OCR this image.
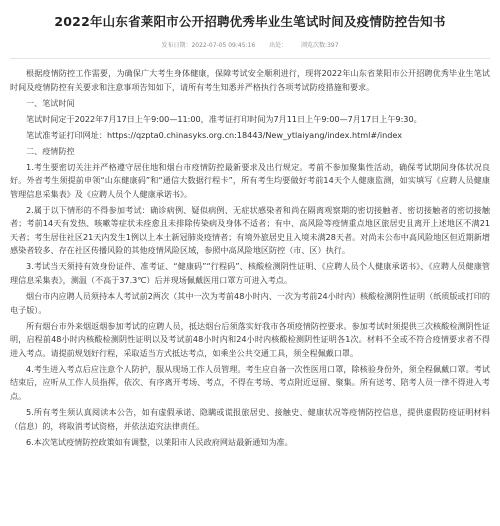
2022年山东省莱阳市公开招聘优秀毕业生笔试时间及疫情防控告知书
发布日期：2022-07-05 09:45:16 出处： 浏览次数:397

根据疫情防控工作需要，为确保广大考生身体健康，保障考试安全顺利进行，现将2022年山东省莱阳市公开招聘优秀毕业生笔试时间及疫情防控有关要求和注意事项告知如下，请所有考生知悉并严格执行各项考试防疫措施和要求。

一、笔试时间

笔试时间定于2022年7月17日上午9:00—11:00，准考证打印时间为7月11日上午9:00—7月17日上午9:30。

笔试准考证打印网址：https://qzpta0.chinasyks.org.cn:18443/New_ytlaiyang/index.html#/index

二、疫情防控

1.考生要密切关注并严格遵守居住地和烟台市疫情防控最新要求及出行规定。考前不参加聚集性活动，确保考试期间身体状况良好。外省考生须提前申领“山东健康码”和“通信大数据行程卡”，所有考生均要做好考前14天个人健康监测，如实填写《应聘人员健康管理信息采集表》及《应聘人员个人健康承诺书》。

2.属于以下情形的不得参加考试：确诊病例、疑似病例、无症状感染者和尚在隔离观察期的密切接触者、密切接触者的密切接触者；考前14天有发热、咳嗽等症状未痊愈且未排除传染病及身体不适者；有中、高风险等疫情重点地区旅居史且离开上述地区不满21天者；考生居住社区21天内发生1例以上本土新冠肺炎疫情者；有境外旅居史且入境未满28天者。对尚未公布中高风险地区但近期新增感染者较多、存在社区传播风险的其他疫情风险区域，参照中高风险地区防控（市、区）执行。

3.考试当天须持有效身份证件、准考证、“健康码”“行程码”、核酸检测阴性证明、《应聘人员个人健康承诺书》、《应聘人员健康管理信息采集表》，测温（不高于37.3℃）后并现场佩戴医用口罩方可进入考点。

烟台市内应聘人员须持本人考试前2两次（其中一次为考前48小时内、一次为考前24小时内）核酸检测阴性证明（纸质版或打印的电子版）。

所有烟台市外来烟返烟参加考试的应聘人员，抵达烟台后须落实好我市各项疫情防控要求。参加考试时须提供三次核酸检测阴性证明，启程前48小时内核酸检测阴性证明以及考试前48小时内和24小时内核酸检测阴性证明各1次。材料不全或不符合疫情要求者不得进入考点。请提前规划好行程，采取适当方式抵达考点，如乘坐公共交通工具，须全程佩戴口罩。

4.考生进入考点后应注意个人防护，服从现场工作人员管理。考生应自备一次性医用口罩，除核验身份外，须全程佩戴口罩。考试结束后，应听从工作人员指挥，依次、有序离开考场、考点，不得在考场、考点附近逗留、聚集。所有送考、陪考人员一律不得进入考点。

5.所有考生须认真阅读本公告，如有虚假承诺、隐瞒或谎报旅居史、接触史、健康状况等疫情防控信息，提供虚假防疫证明材料（信息）的，将取消考试资格，并依法追究法律责任。

6.本次笔试疫情防控政策如有调整，以莱阳市人民政府网站最新通知为准。
